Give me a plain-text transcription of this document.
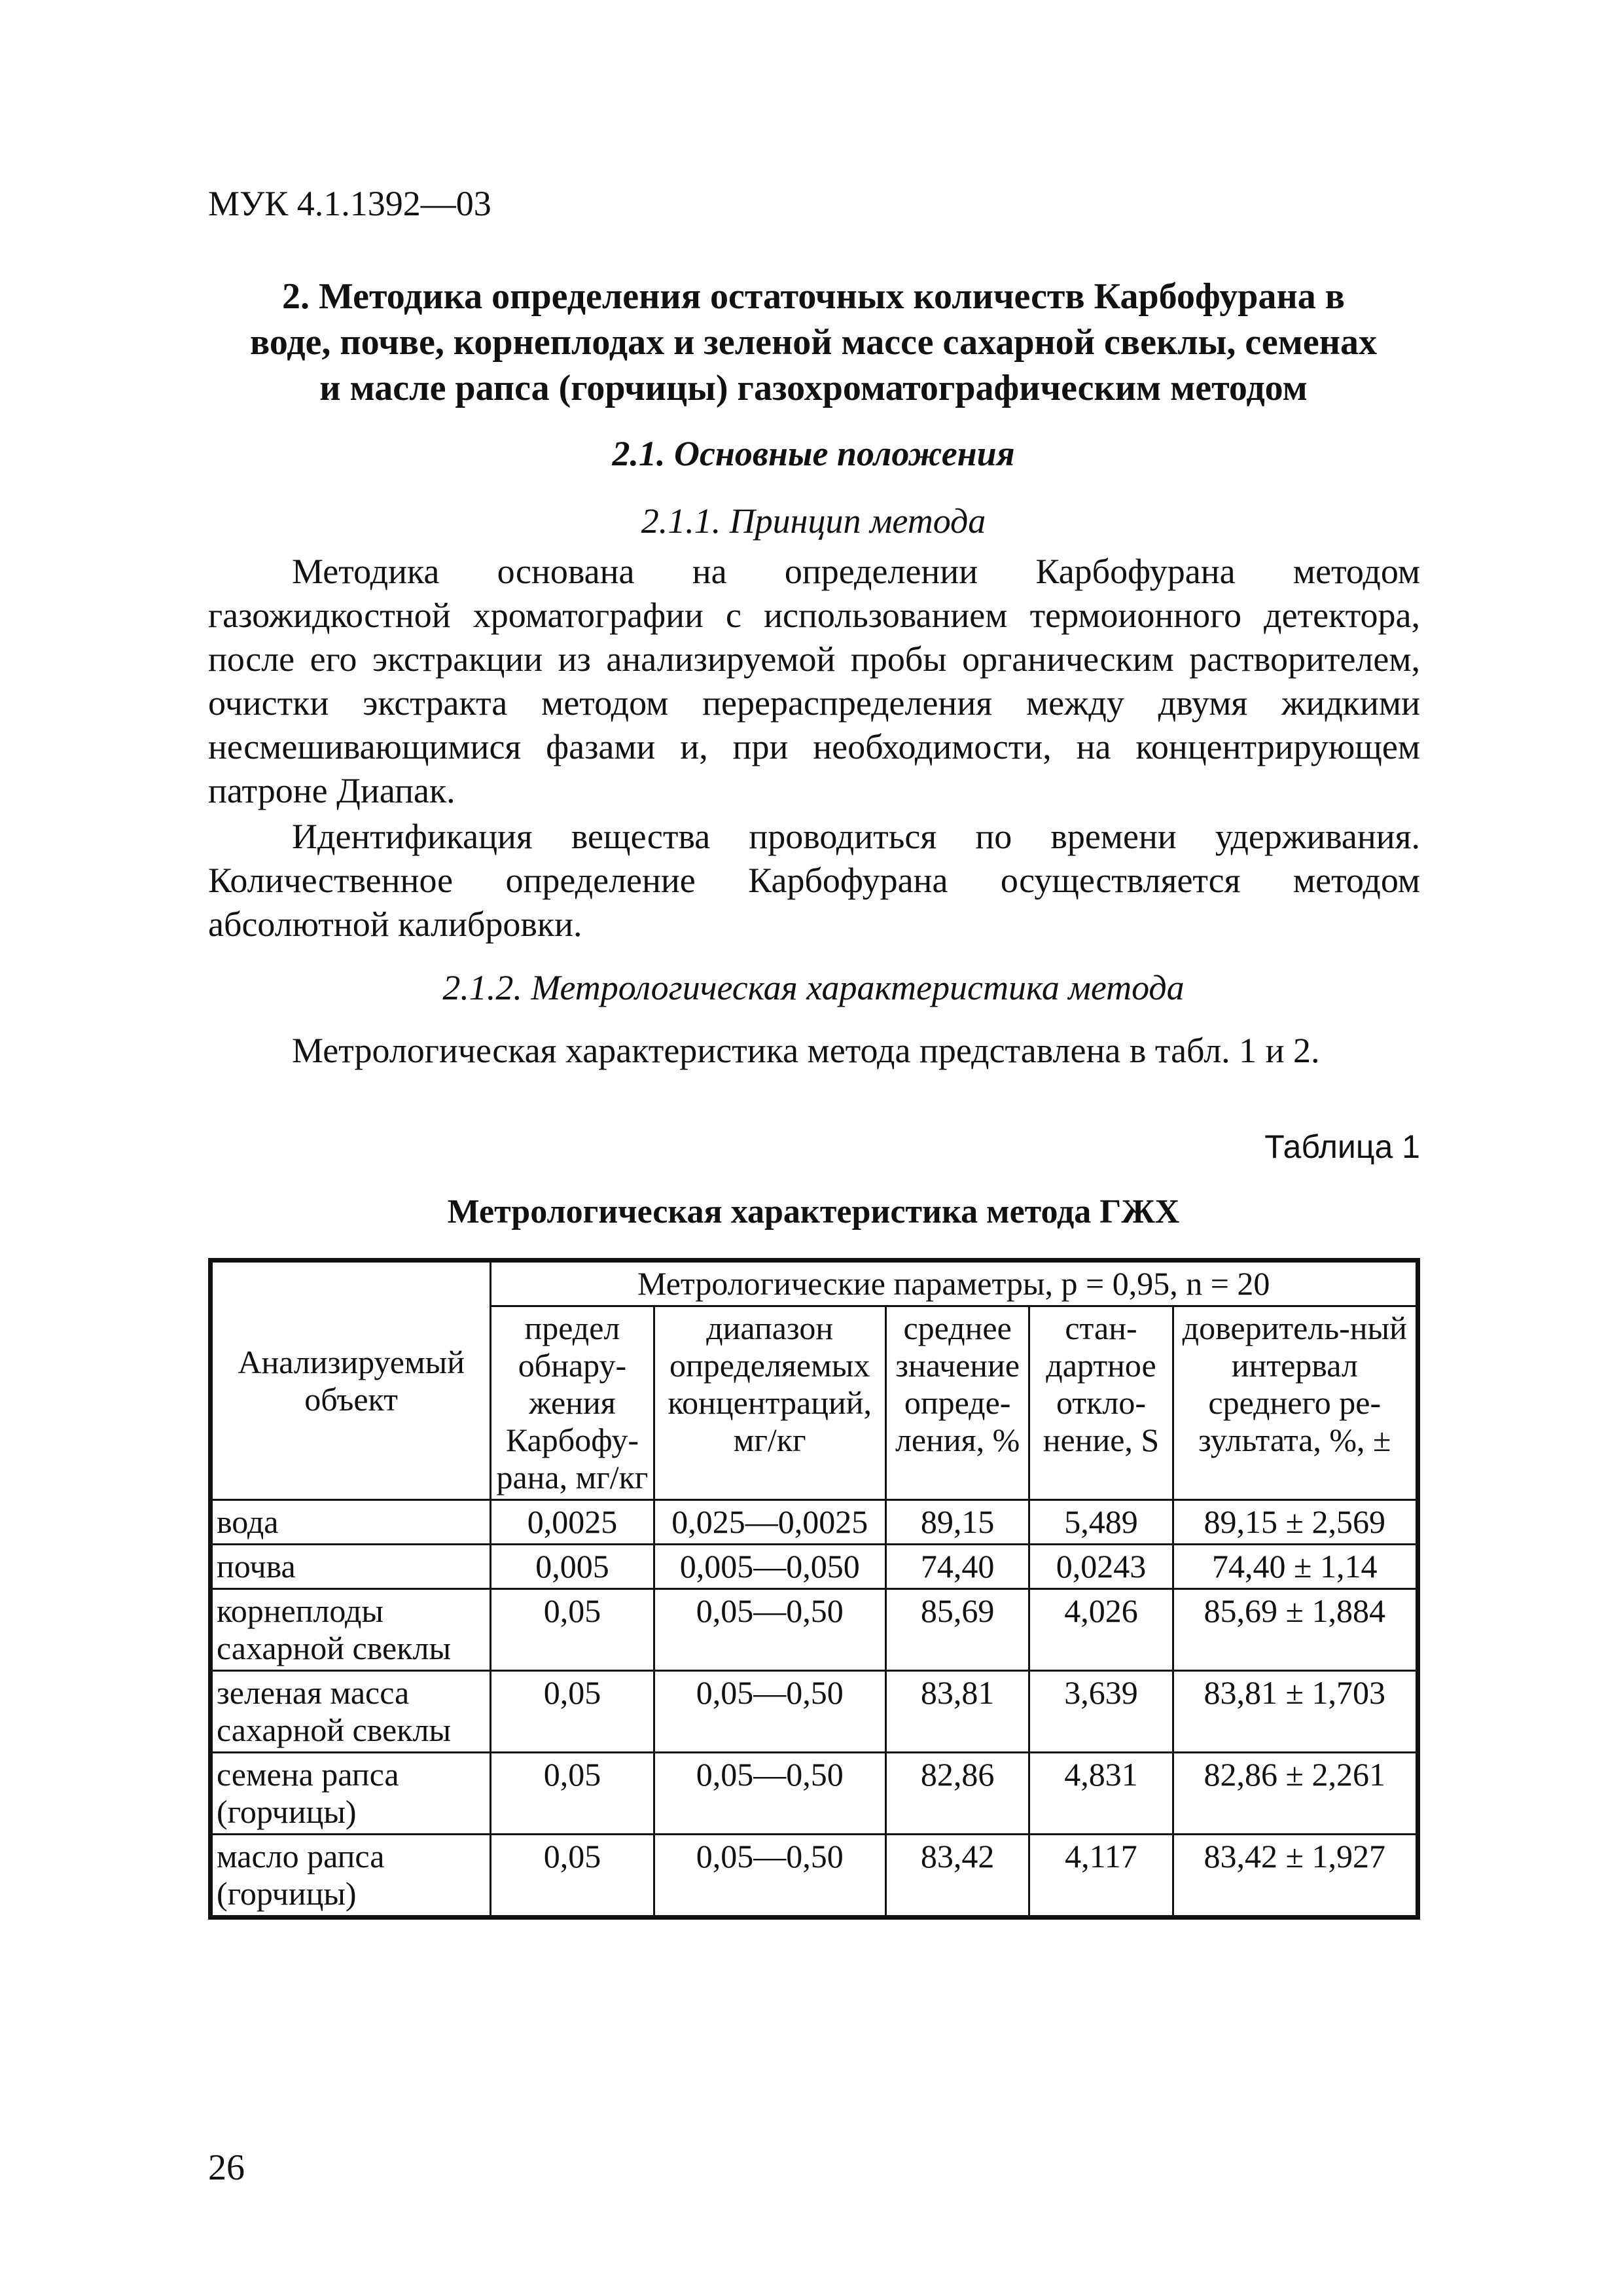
МУК 4.1.1392—03
2. Методика определения остаточных количеств Карбофурана в
воде, почве, корнеплодах и зеленой массе сахарной свеклы, семенах
и масле рапса (горчицы) газохроматографическим методом
2.1. Основные положения
2.1.1. Принцип метода

Методика основана на определении Карбофурана методом газожидкостной хроматографии с использованием термоионного детектора, после его экстракции из анализируемой пробы органическим растворителем, очистки экстракта методом перераспределения между двумя жидкими несмешивающимися фазами и, при необходимости, на концентрирующем патроне Диапак.

Идентификация вещества проводиться по времени удерживания. Количественное определение Карбофурана осуществляется методом абсолютной калибровки.

2.1.2. Метрологическая характеристика метода

Метрологическая характеристика метода представлена в табл. 1 и 2.

Таблица 1
Метрологическая характеристика метода ГЖХ
Анализируемый объект	Метрологические параметры, р = 0,95, n = 20				
	предел обнару-жения Карбофу-рана, мг/кг	диапазон определяемых концентраций, мг/кг	среднее значение опреде-ления, %	стан-дартное откло-нение, S	доверитель-ный интервал среднего ре-зультата, %, ±
вода	0,0025	0,025—0,0025	89,15	5,489	89,15 ± 2,569
почва	0,005	0,005—0,050	74,40	0,0243	74,40 ± 1,14
корнеплоды сахарной свеклы	0,05	0,05—0,50	85,69	4,026	85,69 ± 1,884
зеленая масса сахарной свеклы	0,05	0,05—0,50	83,81	3,639	83,81 ± 1,703
семена рапса (горчицы)	0,05	0,05—0,50	82,86	4,831	82,86 ± 2,261
масло рапса (горчицы)	0,05	0,05—0,50	83,42	4,117	83,42 ± 1,927
26
